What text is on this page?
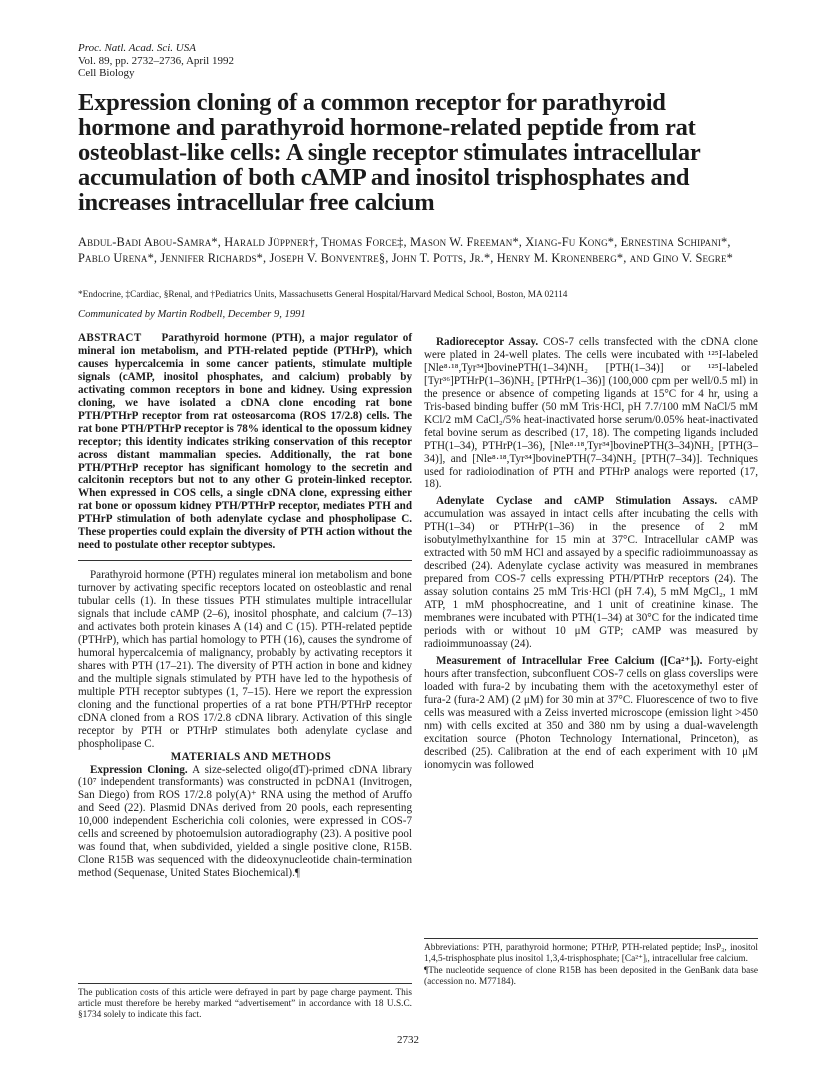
Proc. Natl. Acad. Sci. USA
Vol. 89, pp. 2732–2736, April 1992
Cell Biology
Expression cloning of a common receptor for parathyroid hormone and parathyroid hormone-related peptide from rat osteoblast-like cells: A single receptor stimulates intracellular accumulation of both cAMP and inositol trisphosphates and increases intracellular free calcium
Abdul-Badi Abou-Samra*, Harald Jüppner†, Thomas Force‡, Mason W. Freeman*, Xiang-Fu Kong*, Ernestina Schipani*, Pablo Urena*, Jennifer Richards*, Joseph V. Bonventre§, John T. Potts, Jr.*, Henry M. Kronenberg*, and Gino V. Segre*
*Endocrine, ‡Cardiac, §Renal, and †Pediatrics Units, Massachusetts General Hospital/Harvard Medical School, Boston, MA 02114
Communicated by Martin Rodbell, December 9, 1991
ABSTRACT Parathyroid hormone (PTH), a major regulator of mineral ion metabolism, and PTH-related peptide (PTHrP), which causes hypercalcemia in some cancer patients, stimulate multiple signals (cAMP, inositol phosphates, and calcium) probably by activating common receptors in bone and kidney. Using expression cloning, we have isolated a cDNA clone encoding rat bone PTH/PTHrP receptor from rat osteosarcoma (ROS 17/2.8) cells. The rat bone PTH/PTHrP receptor is 78% identical to the opossum kidney receptor; this identity indicates striking conservation of this receptor across distant mammalian species. Additionally, the rat bone PTH/PTHrP receptor has significant homology to the secretin and calcitonin receptors but not to any other G protein-linked receptor. When expressed in COS cells, a single cDNA clone, expressing either rat bone or opossum kidney PTH/PTHrP receptor, mediates PTH and PTHrP stimulation of both adenylate cyclase and phospholipase C. These properties could explain the diversity of PTH action without the need to postulate other receptor subtypes.

Parathyroid hormone (PTH) regulates mineral ion metabolism and bone turnover by activating specific receptors located on osteoblastic and renal tubular cells (1). In these tissues PTH stimulates multiple intracellular signals that include cAMP (2–6), inositol phosphate, and calcium (7–13) and activates both protein kinases A (14) and C (15). PTH-related peptide (PTHrP), which has partial homology to PTH (16), causes the syndrome of humoral hypercalcemia of malignancy, probably by activating receptors it shares with PTH (17–21). The diversity of PTH action in bone and kidney and the multiple signals stimulated by PTH have led to the hypothesis of multiple PTH receptor subtypes (1, 7–15). Here we report the expression cloning and the functional properties of a rat bone PTH/PTHrP receptor cDNA cloned from a ROS 17/2.8 cDNA library. Activation of this single receptor by PTH or PTHrP stimulates both adenylate cyclase and phospholipase C.

MATERIALS AND METHODS

Expression Cloning. A size-selected oligo(dT)-primed cDNA library (10⁷ independent transformants) was constructed in pcDNA1 (Invitrogen, San Diego) from ROS 17/2.8 poly(A)⁺ RNA using the method of Aruffo and Seed (22). Plasmid DNAs derived from 20 pools, each representing 10,000 independent Escherichia coli colonies, were expressed in COS-7 cells and screened by photoemulsion autoradiography (23). A positive pool was found that, when subdivided, yielded a single positive clone, R15B. Clone R15B was sequenced with the dideoxynucleotide chain-termination method (Sequenase, United States Biochemical).¶

Radioreceptor Assay. COS-7 cells transfected with the cDNA clone were plated in 24-well plates. The cells were incubated with ¹²⁵I-labeled [Nle⁸·¹⁸,Tyr³⁴]bovinePTH(1–34)NH₂ [PTH(1–34)] or ¹²⁵I-labeled [Tyr³⁶]PTHrP(1–36)NH₂ [PTHrP(1–36)] (100,000 cpm per well/0.5 ml) in the presence or absence of competing ligands at 15°C for 4 hr, using a Tris-based binding buffer (50 mM Tris·HCl, pH 7.7/100 mM NaCl/5 mM KCl/2 mM CaCl₂/5% heat-inactivated horse serum/0.05% heat-inactivated fetal bovine serum as described (17, 18). The competing ligands included PTH(1–34), PTHrP(1–36), [Nle⁸·¹⁸,Tyr³⁴]bovinePTH(3–34)NH₂ [PTH(3–34)], and [Nle⁸·¹⁸,Tyr³⁴]bovinePTH(7–34)NH₂ [PTH(7–34)]. Techniques used for radioiodination of PTH and PTHrP analogs were reported (17, 18).

Adenylate Cyclase and cAMP Stimulation Assays. cAMP accumulation was assayed in intact cells after incubating the cells with PTH(1–34) or PTHrP(1–36) in the presence of 2 mM isobutylmethylxanthine for 15 min at 37°C. Intracellular cAMP was extracted with 50 mM HCl and assayed by a specific radioimmunoassay as described (24). Adenylate cyclase activity was measured in membranes prepared from COS-7 cells expressing PTH/PTHrP receptors (24). The assay solution contains 25 mM Tris·HCl (pH 7.4), 5 mM MgCl₂, 1 mM ATP, 1 mM phosphocreatine, and 1 unit of creatinine kinase. The membranes were incubated with PTH(1–34) at 30°C for the indicated time periods with or without 10 μM GTP; cAMP was measured by radioimmunoassay (24).

Measurement of Intracellular Free Calcium ([Ca²⁺]ᵢ). Forty-eight hours after transfection, subconfluent COS-7 cells on glass coverslips were loaded with fura-2 by incubating them with the acetoxymethyl ester of fura-2 (fura-2 AM) (2 μM) for 30 min at 37°C. Fluorescence of two to five cells was measured with a Zeiss inverted microscope (emission light >450 nm) with cells excited at 350 and 380 nm by using a dual-wavelength excitation source (Photon Technology International, Princeton), as described (25). Calibration at the end of each experiment with 10 μM ionomycin was followed

The publication costs of this article were defrayed in part by page charge payment. This article must therefore be hereby marked “advertisement” in accordance with 18 U.S.C. §1734 solely to indicate this fact.
Abbreviations: PTH, parathyroid hormone; PTHrP, PTH-related peptide; InsP₃, inositol 1,4,5-trisphosphate plus inositol 1,3,4-trisphosphate; [Ca²⁺]ᵢ, intracellular free calcium.
¶The nucleotide sequence of clone R15B has been deposited in the GenBank data base (accession no. M77184).
2732
